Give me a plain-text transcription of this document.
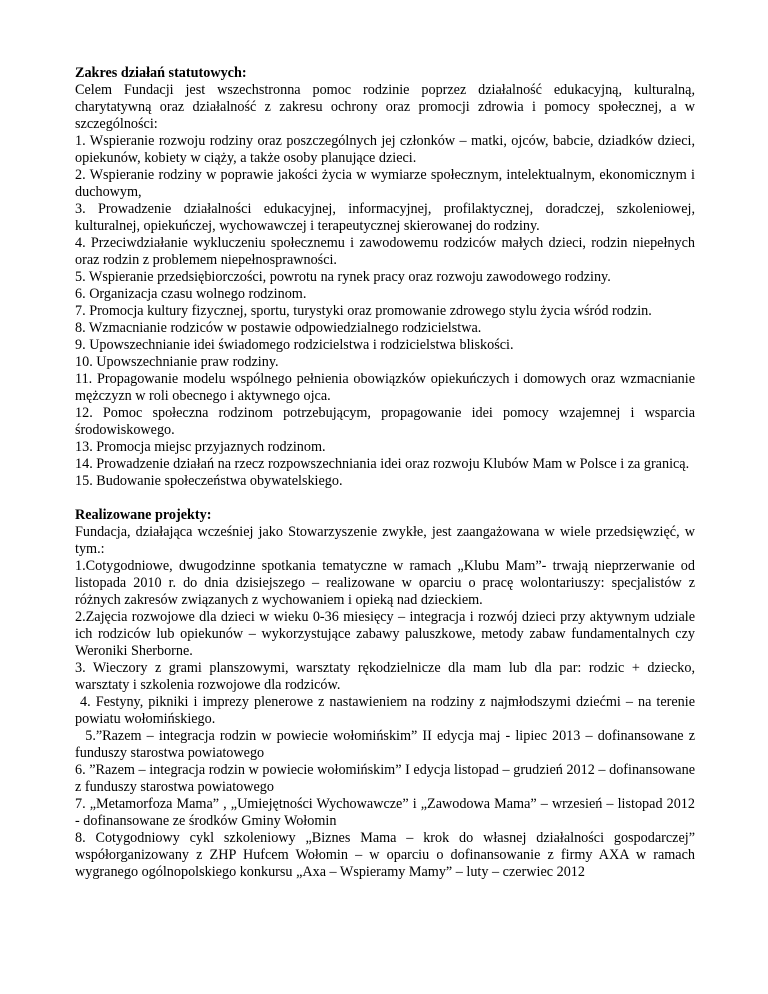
Zakres działań statutowych:
Celem Fundacji jest wszechstronna pomoc rodzinie poprzez działalność edukacyjną, kulturalną, charytatywną oraz działalność z zakresu ochrony oraz promocji zdrowia i pomocy społecznej, a w szczególności:
1. Wspieranie rozwoju rodziny oraz poszczególnych jej członków – matki, ojców, babcie, dziadków dzieci, opiekunów, kobiety w ciąży, a także osoby planujące dzieci.
2. Wspieranie rodziny w poprawie jakości życia w wymiarze społecznym, intelektualnym, ekonomicznym i duchowym,
3. Prowadzenie działalności edukacyjnej, informacyjnej, profilaktycznej, doradczej, szkoleniowej, kulturalnej, opiekuńczej, wychowawczej i terapeutycznej skierowanej do rodziny.
4. Przeciwdziałanie wykluczeniu społecznemu i zawodowemu rodziców małych dzieci, rodzin niepełnych oraz rodzin z problemem niepełnosprawności.
5. Wspieranie przedsiębiorczości, powrotu na rynek pracy oraz rozwoju zawodowego rodziny.
6. Organizacja czasu wolnego rodzinom.
7. Promocja kultury fizycznej, sportu, turystyki oraz promowanie zdrowego stylu życia wśród rodzin.
8. Wzmacnianie rodziców w postawie odpowiedzialnego rodzicielstwa.
9. Upowszechnianie idei świadomego rodzicielstwa i rodzicielstwa bliskości.
10. Upowszechnianie praw rodziny.
11. Propagowanie modelu wspólnego pełnienia obowiązków opiekuńczych i domowych oraz wzmacnianie mężczyzn w roli obecnego i aktywnego ojca.
12. Pomoc społeczna rodzinom potrzebującym, propagowanie idei pomocy wzajemnej i wsparcia środowiskowego.
13. Promocja miejsc przyjaznych rodzinom.
14. Prowadzenie działań na rzecz rozpowszechniania idei oraz rozwoju Klubów Mam w Polsce i za granicą.
15. Budowanie społeczeństwa obywatelskiego.
Realizowane projekty:
Fundacja, działająca wcześniej jako Stowarzyszenie zwykłe, jest zaangażowana w wiele przedsięwzięć, w tym.:
1.Cotygodniowe, dwugodzinne spotkania tematyczne w ramach „Klubu Mam”- trwają nieprzerwanie od listopada 2010 r. do dnia dzisiejszego – realizowane w oparciu o pracę wolontariuszy: specjalistów z różnych zakresów związanych z wychowaniem i opieką nad dzieckiem.
2.Zajęcia rozwojowe dla dzieci w wieku 0-36 miesięcy – integracja i rozwój dzieci przy aktywnym udziale ich rodziców lub opiekunów – wykorzystujące zabawy paluszkowe, metody zabaw fundamentalnych czy Weroniki Sherborne.
3. Wieczory z grami planszowymi, warsztaty rękodzielnicze dla mam lub dla par: rodzic + dziecko, warsztaty i szkolenia rozwojowe dla rodziców.
4. Festyny, pikniki i imprezy plenerowe z nastawieniem na rodziny z najmłodszymi dziećmi – na terenie powiatu wołomińskiego.
5.”Razem – integracja rodzin w powiecie wołomińskim” II edycja maj - lipiec 2013 – dofinansowane z funduszy starostwa powiatowego
6. ”Razem – integracja rodzin w powiecie wołomińskim” I edycja listopad – grudzień 2012 – dofinansowane z funduszy starostwa powiatowego
7. „Metamorfoza Mama” , „Umiejętności Wychowawcze” i „Zawodowa Mama” – wrzesień – listopad 2012 - dofinansowane ze środków Gminy Wołomin
8. Cotygodniowy cykl szkoleniowy „Biznes Mama – krok do własnej działalności gospodarczej” współorganizowany z ZHP Hufcem Wołomin – w oparciu o dofinansowanie z firmy AXA w ramach wygranego ogólnopolskiego konkursu „Axa – Wspieramy Mamy” – luty – czerwiec 2012
